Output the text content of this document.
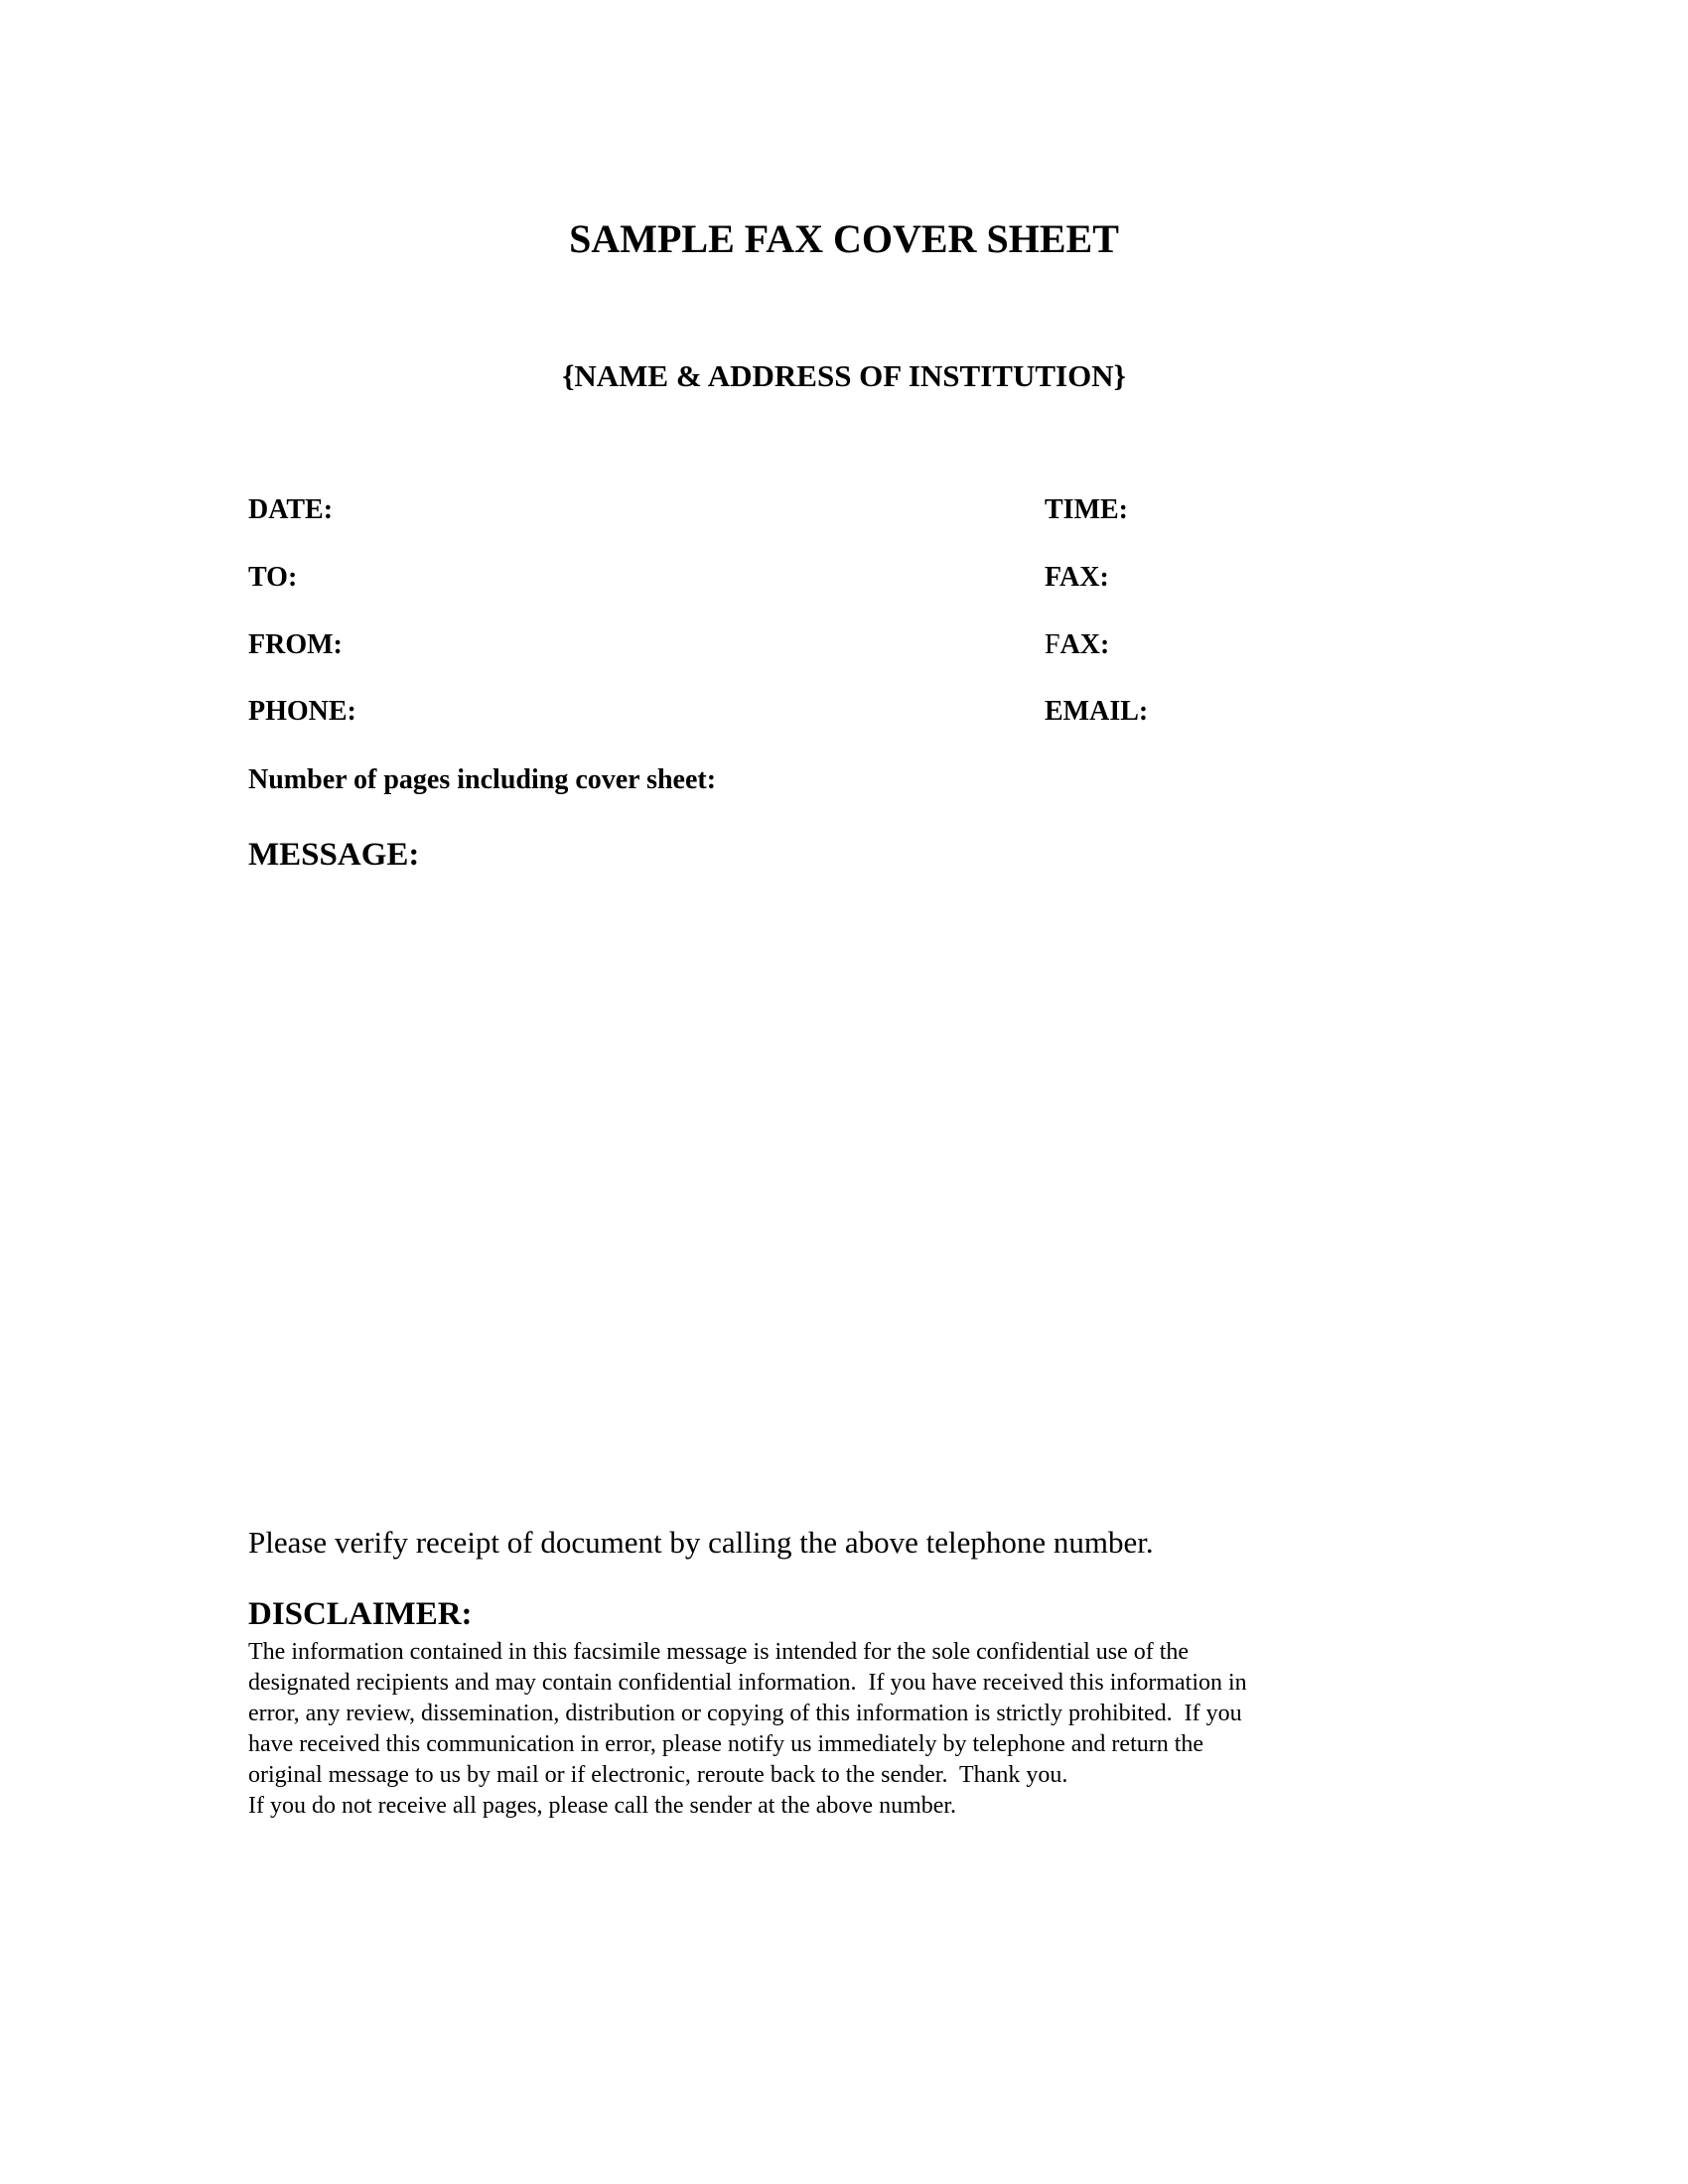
SAMPLE FAX COVER SHEET
{NAME & ADDRESS OF INSTITUTION}
DATE:	TIME:
TO:	FAX:
FROM:	FAX:
PHONE:	EMAIL:
Number of pages including cover sheet:
MESSAGE:
Please verify receipt of document by calling the above telephone number.
DISCLAIMER:
The information contained in this facsimile message is intended for the sole confidential use of the
designated recipients and may contain confidential information.  If you have received this information in
error, any review, dissemination, distribution or copying of this information is strictly prohibited.  If you
have received this communication in error, please notify us immediately by telephone and return the
original message to us by mail or if electronic, reroute back to the sender.  Thank you.
If you do not receive all pages, please call the sender at the above number.
